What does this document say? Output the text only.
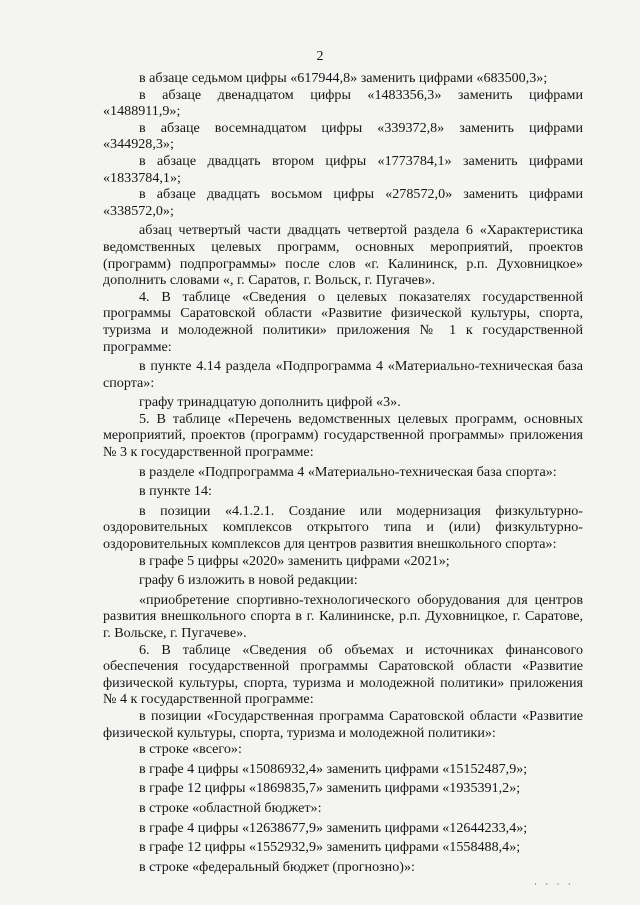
2

в абзаце седьмом цифры «617944,8» заменить цифрами «683500,3»;

в абзаце двенадцатом цифры «1483356,3» заменить цифрами «1488911,9»;

в абзаце восемнадцатом цифры «339372,8» заменить цифрами «344928,3»;

в абзаце двадцать втором цифры «1773784,1» заменить цифрами «1833784,1»;

в абзаце двадцать восьмом цифры «278572,0» заменить цифрами «338572,0»;

абзац четвертый части двадцать четвертой раздела 6 «Характеристика ведомственных целевых программ, основных мероприятий, проектов (программ) подпрограммы» после слов «г. Калининск, р.п. Духовницкое» дополнить словами «, г. Саратов, г. Вольск, г. Пугачев».

4. В таблице «Сведения о целевых показателях государственной программы Саратовской области «Развитие физической культуры, спорта, туризма и молодежной политики» приложения № 1 к государственной программе:

в пункте 4.14 раздела «Подпрограмма 4 «Материально-техническая база спорта»:

графу тринадцатую дополнить цифрой «3».

5. В таблице «Перечень ведомственных целевых программ, основных мероприятий, проектов (программ) государственной программы» приложения № 3 к государственной программе:

в разделе «Подпрограмма 4 «Материально-техническая база спорта»:

в пункте 14:

в позиции «4.1.2.1. Создание или модернизация физкультурно-оздоровительных комплексов открытого типа и (или) физкультурно-оздоровительных комплексов для центров развития внешкольного спорта»:

в графе 5 цифры «2020» заменить цифрами «2021»;

графу 6 изложить в новой редакции:

«приобретение спортивно-технологического оборудования для центров развития внешкольного спорта в г. Калининске, р.п. Духовницкое, г. Саратове, г. Вольске, г. Пугачеве».

6. В таблице «Сведения об объемах и источниках финансового обеспечения государственной программы Саратовской области «Развитие физической культуры, спорта, туризма и молодежной политики» приложения № 4 к государственной программе:

в позиции «Государственная программа Саратовской области «Развитие физической культуры, спорта, туризма и молодежной политики»:

в строке «всего»:

в графе 4 цифры «15086932,4» заменить цифрами «15152487,9»;

в графе 12 цифры «1869835,7» заменить цифрами «1935391,2»;

в строке «областной бюджет»:

в графе 4 цифры «12638677,9» заменить цифрами «12644233,4»;

в графе 12 цифры «1552932,9» заменить цифрами «1558488,4»;

в строке «федеральный бюджет (прогнозно)»:

· · · ·
